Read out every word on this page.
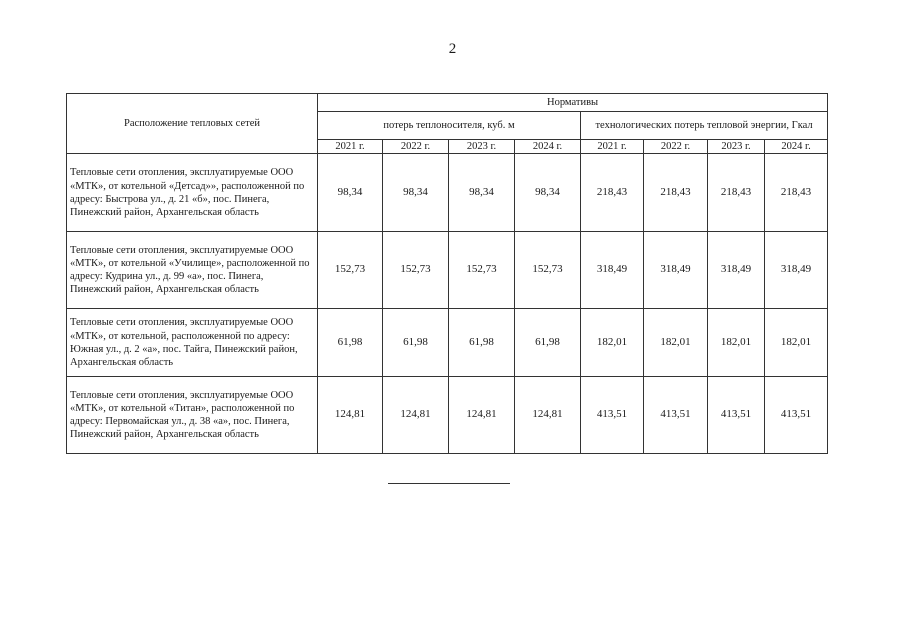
2
Расположение тепловых сетей	Нормативы							
	потерь теплоносителя, куб. м				технологических потерь тепловой энергии, Гкал			
	2021 г.	2022 г.	2023 г.	2024 г.	2021 г.	2022 г.	2023 г.	2024 г.
Тепловые сети отопления, эксплуатируемые ООО «МТК», от котельной «Детсад»», расположенной по адресу: Быстрова ул., д. 21 «б», пос. Пинега, Пинежский район, Архангельская область	98,34	98,34	98,34	98,34	218,43	218,43	218,43	218,43
Тепловые сети отопления, эксплуатируемые ООО «МТК», от котельной «Училище», расположенной по адресу: Кудрина ул., д. 99 «а», пос. Пинега, Пинежский район, Архангельская область	152,73	152,73	152,73	152,73	318,49	318,49	318,49	318,49
Тепловые сети отопления, эксплуатируемые ООО «МТК», от котельной, расположенной по адресу: Южная ул., д. 2 «а», пос. Тайга, Пинежский район, Архангельская область	61,98	61,98	61,98	61,98	182,01	182,01	182,01	182,01
Тепловые сети отопления, эксплуатируемые ООО «МТК», от котельной «Титан», расположенной по адресу: Первомайская ул., д. 38 «а», пос. Пинега, Пинежский район, Архангельская область	124,81	124,81	124,81	124,81	413,51	413,51	413,51	413,51
